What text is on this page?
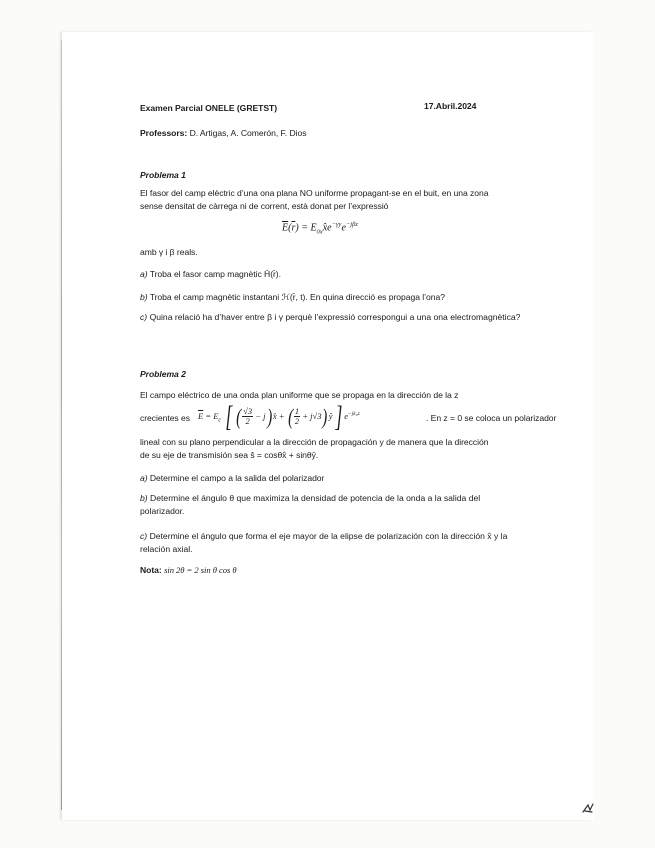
Examen Parcial ONELE (GRETST)	17.Abril.2024
Professors: D. Artigas, A. Comerón, F. Dios
Problema 1
El fasor del camp elèctric d’una ona plana NO uniforme propagant-se en el buit, en una zona
sense densitat de càrrega ni de corrent, està donat per l’expressió
$\overline{E}(\overline{r})$ = $E_{0x}x̂e^{-\gamma y}e^{-j\beta z}$
amb γ i β reals.
a) Troba el fasor camp magnètic H̄(r̄).
b) Troba el camp magnètic instantani ℋ(r̄, t). En quina direcció es propaga l’ona?
c) Quina relació ha d’haver entre β i γ perquè l’expressió correspongui a una ona electromagnètica?
Problema 2
El campo eléctrico de una onda plan uniforme que se propaga en la dirección de la z
crecientes es $\overline{E} = E_c$ [ ( $\frac{√3}{2}$ − j)x̂ + ( $\frac{1}{2}$ + j√3)ŷ] $e^{-jk_0z}$	. En z = 0 se coloca un polarizador
lineal con su plano perpendicular a la dirección de propagación y de manera que la dirección
de su eje de transmisión sea ŝ = cosθx̂ + sinθŷ.
a) Determine el campo a la salida del polarizador
b) Determine el ángulo θ que maximiza la densidad de potencia de la onda a la salida del polarizador.
c) Determine el ángulo que forma el eje mayor de la elipse de polarización con la dirección x̂ y la relación axial.
Nota: sin 2θ = 2 sin θ cos θ
